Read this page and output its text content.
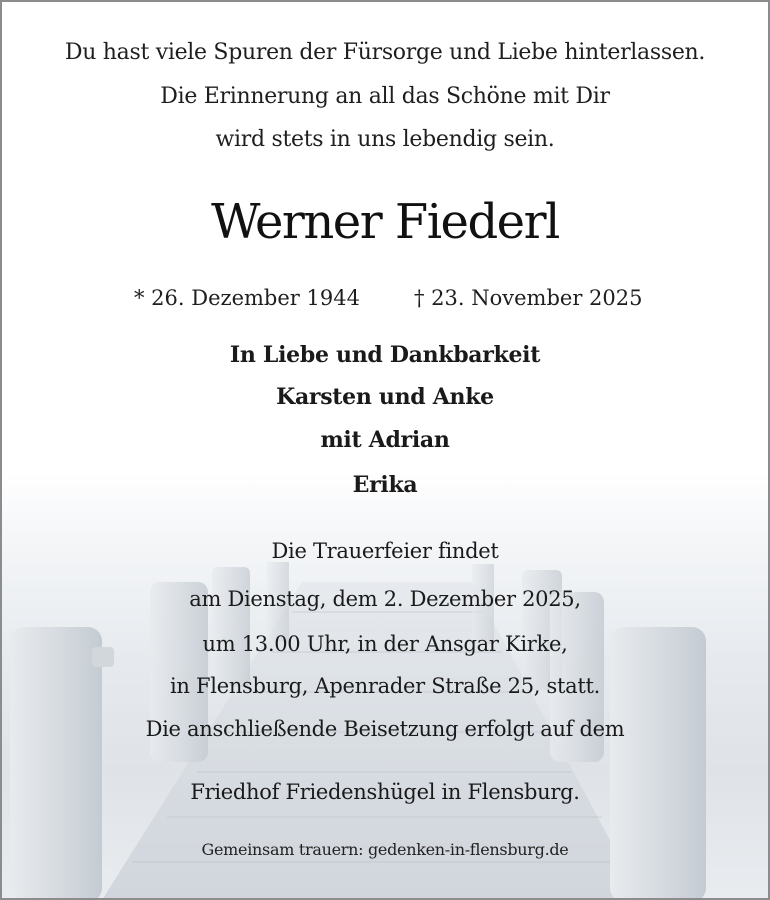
Du hast viele Spuren der Fürsorge und Liebe hinterlassen.
Die Erinnerung an all das Schöne mit Dir
wird stets in uns lebendig sein.
Werner Fiederl
* 26. Dezember 1944	† 23. November 2025
In Liebe und Dankbarkeit
Karsten und Anke
mit Adrian
Erika
Die Trauerfeier findet
am Dienstag, dem 2. Dezember 2025,
um 13.00 Uhr, in der Ansgar Kirke,
in Flensburg, Apenrader Straße 25, statt.
Die anschließende Beisetzung erfolgt auf dem
Friedhof Friedenshügel in Flensburg.
Gemeinsam trauern: gedenken-in-flensburg.de
